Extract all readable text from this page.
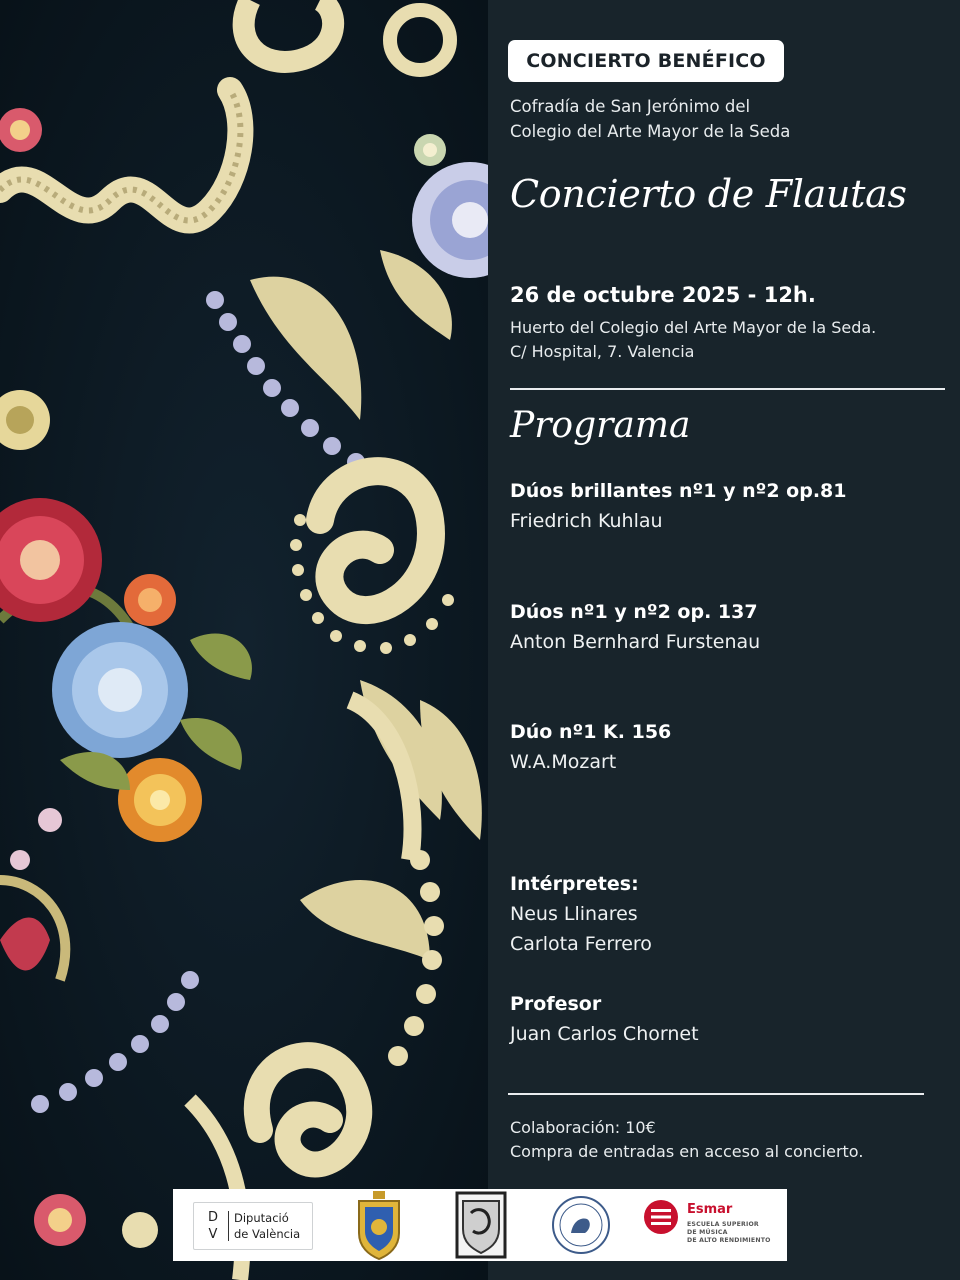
CONCIERTO BENÉFICO
Cofradía de San Jerónimo del
Colegio del Arte Mayor de la Seda
Concierto de Flautas
26 de octubre 2025 - 12h.
Huerto del Colegio del Arte Mayor de la Seda.
C/ Hospital, 7. Valencia
Programa
Dúos brillantes nº1 y nº2 op.81
Friedrich Kuhlau
Dúos nº1 y nº2 op. 137
Anton Bernhard Furstenau
Dúo nº1 K. 156
W.A.Mozart
Intérpretes:
Neus Llinares
Carlota Ferrero
Profesor
Juan Carlos Chornet
Colaboración: 10€
Compra de entradas en acceso al concierto.
D
V
Diputació
de València
Esmar
ESCUELA SUPERIOR
DE MÚSICA
DE ALTO RENDIMIENTO
